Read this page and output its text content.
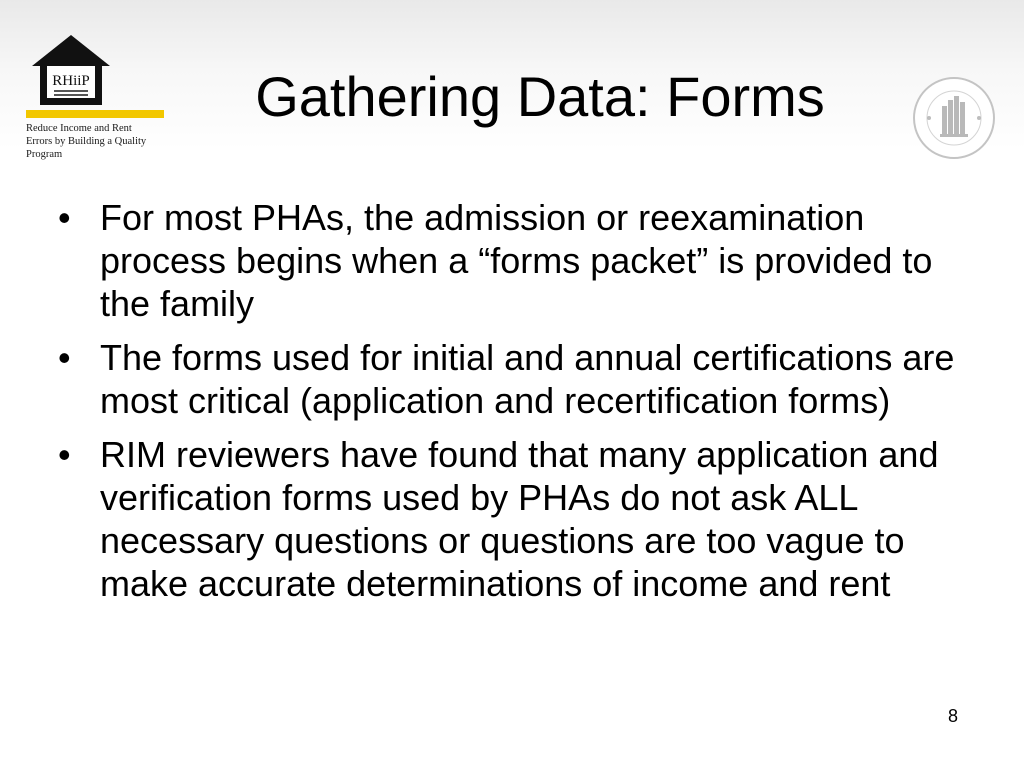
RHiiP
Reduce Income and Rent
Errors by Building a Quality
Program
Gathering Data: Forms
• For most PHAs, the admission or reexamination process begins when a “forms packet” is provided to the family
• The forms used for initial and annual certifications are most critical (application and recertification forms)
• RIM reviewers have found that many application and verification forms used by PHAs do not ask ALL necessary questions or questions are too vague to make accurate determinations of income and rent
8
